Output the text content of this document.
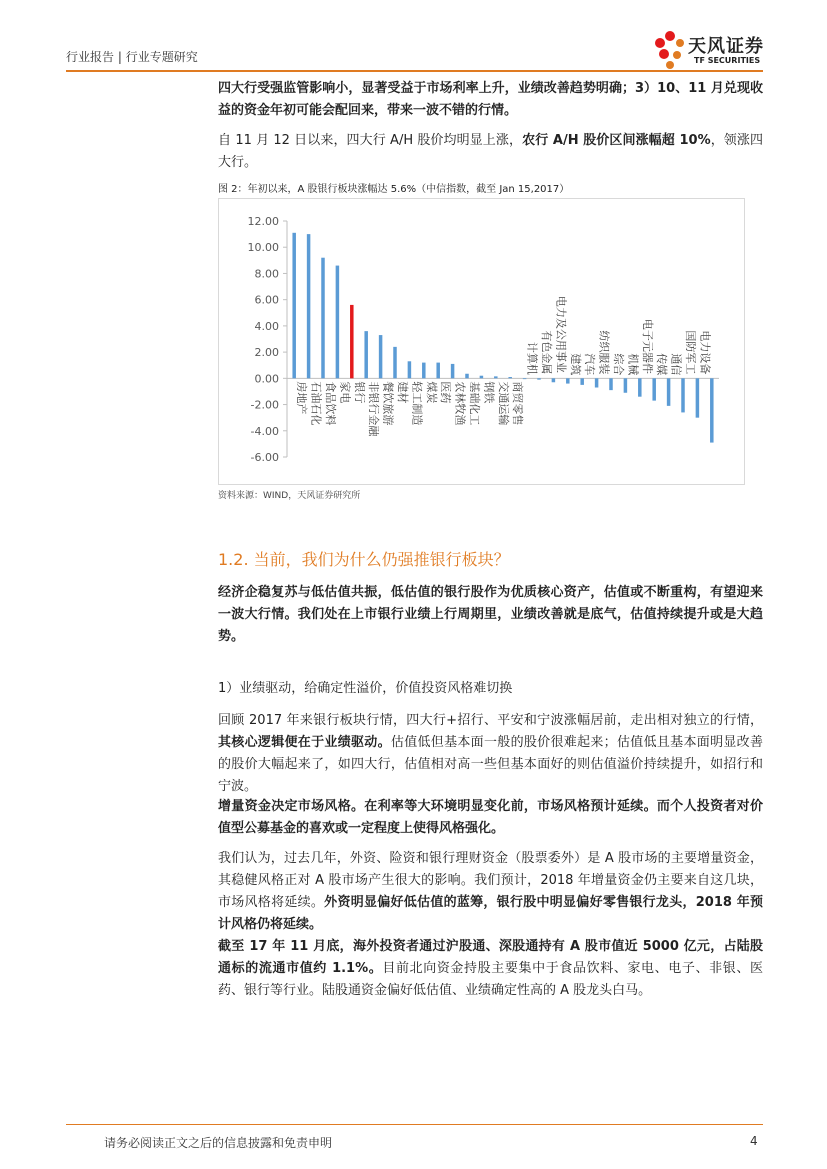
行业报告 | 行业专题研究	天风证券
TF SECURITIES
四大行受强监管影响小，显著受益于市场利率上升，业绩改善趋势明确；3）10、11 月兑现收益的资金年初可能会配回来，带来一波不错的行情。
自 11 月 12 日以来，四大行 A/H 股价均明显上涨，农行 A/H 股价区间涨幅超 10%，领涨四大行。
图 2：年初以来，A 股银行板块涨幅达 5.6%（中信指数，截至 Jan 15,2017）
12.00
10.00
8.00
6.00
4.00
2.00
0.00
-2.00
-4.00
-6.00
房地产 石油石化 食品饮料 家电 银行 非银行金融 餐饮旅游 建材 轻工制造 煤炭 医药 农林牧渔 基础化工 钢铁 交通运输 商贸零售
计算机 有色金属 电力及公用事业 建筑 汽车 纺织服装 综合 机械 电子元器件 传媒 通信 国防军工 电力设备
资料来源：WIND，天风证券研究所
1.2. 当前，我们为什么仍强推银行板块？
经济企稳复苏与低估值共振，低估值的银行股作为优质核心资产，估值或不断重构，有望迎来一波大行情。我们处在上市银行业绩上行周期里，业绩改善就是底气，估值持续提升或是大趋势。
1）业绩驱动，给确定性溢价，价值投资风格难切换
回顾 2017 年来银行板块行情，四大行+招行、平安和宁波涨幅居前，走出相对独立的行情，其核心逻辑便在于业绩驱动。估值低但基本面一般的股价很难起来；估值低且基本面明显改善的股价大幅起来了，如四大行，估值相对高一些但基本面好的则估值溢价持续提升，如招行和宁波。
增量资金决定市场风格。在利率等大环境明显变化前，市场风格预计延续。而个人投资者对价值型公募基金的喜欢或一定程度上使得风格强化。
我们认为，过去几年，外资、险资和银行理财资金（股票委外）是 A 股市场的主要增量资金，其稳健风格正对 A 股市场产生很大的影响。我们预计，2018 年增量资金仍主要来自这几块，市场风格将延续。外资明显偏好低估值的蓝筹，银行股中明显偏好零售银行龙头，2018 年预计风格仍将延续。
截至 17 年 11 月底，海外投资者通过沪股通、深股通持有 A 股市值近 5000 亿元，占陆股通标的流通市值约 1.1%。目前北向资金持股主要集中于食品饮料、家电、电子、非银、医药、银行等行业。陆股通资金偏好低估值、业绩确定性高的 A 股龙头白马。
请务必阅读正文之后的信息披露和免责申明	4
